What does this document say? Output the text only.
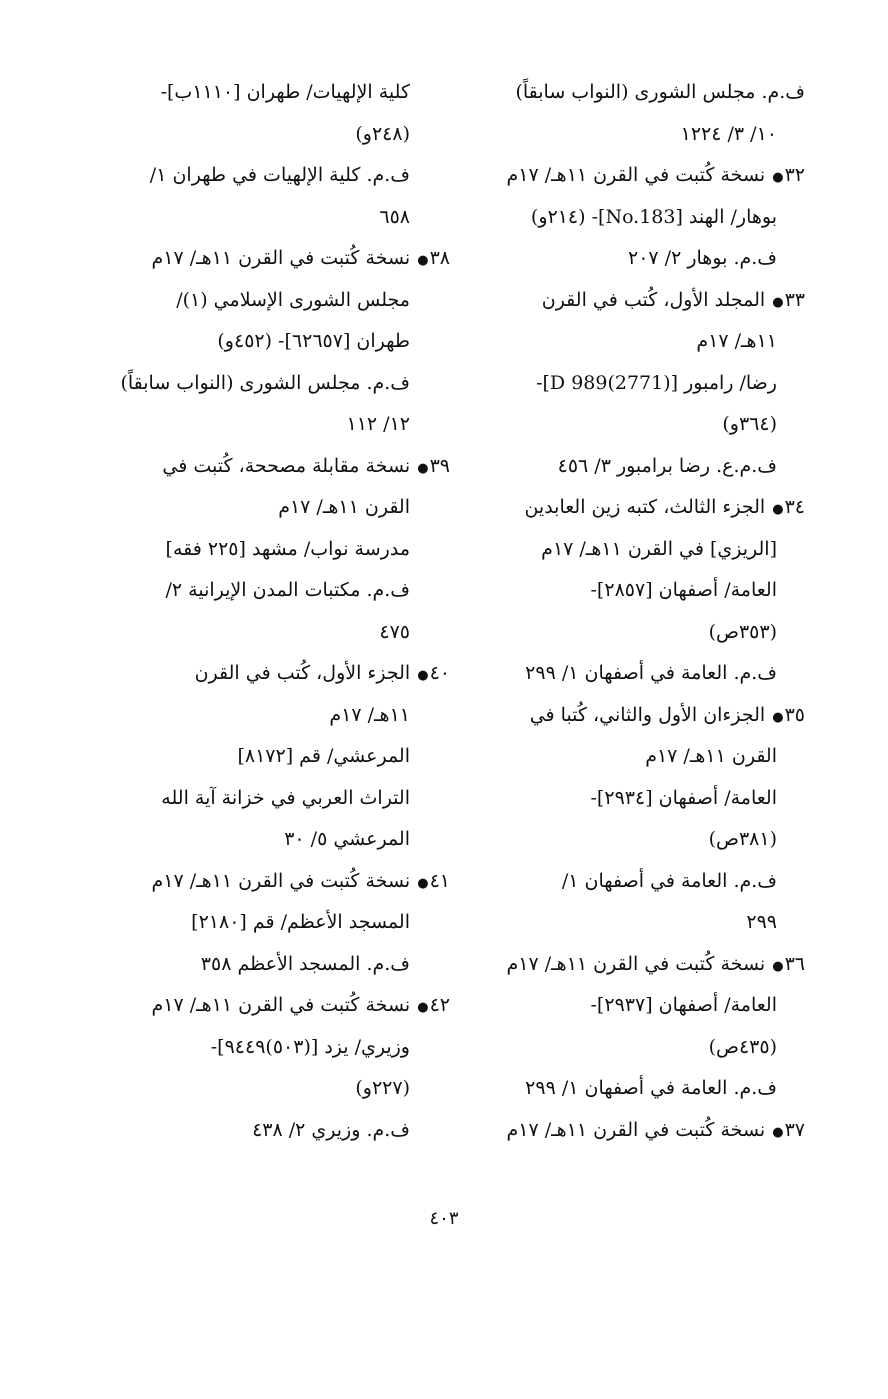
ف.م. مجلس الشورى (النواب سابقاً)
١٠/ ٣/ ١٢٢٤
٣٢● نسخة كُتبت في القرن ١١هـ/ ١٧م
بوهار/ الهند [No.183]- (٢١٤و)
ف.م. بوهار ٢/ ٢٠٧
٣٣● المجلد الأول، كُتب في القرن
١١هـ/ ١٧م
رضا/ رامبور [D 989(2771)]-
(٣٦٤و)
ف.م.ع. رضا برامبور ٣/ ٤٥٦
٣٤● الجزء الثالث، كتبه زين العابدين
[الريزي] في القرن ١١هـ/ ١٧م
العامة/ أصفهان [٢٨٥٧]-
(٣٥٣ص)
ف.م. العامة في أصفهان ١/ ٢٩٩
٣٥● الجزءان الأول والثاني، كُتبا في
القرن ١١هـ/ ١٧م
العامة/ أصفهان [٢٩٣٤]-
(٣٨١ص)
ف.م. العامة في أصفهان ١/
٢٩٩
٣٦● نسخة كُتبت في القرن ١١هـ/ ١٧م
العامة/ أصفهان [٢٩٣٧]-
(٤٣٥ص)
ف.م. العامة في أصفهان ١/ ٢٩٩
٣٧● نسخة كُتبت في القرن ١١هـ/ ١٧م
كلية الإلهيات/ طهران [١١١٠ب]-
(٢٤٨و)
ف.م. كلية الإلهيات في طهران ١/
٦٥٨
٣٨● نسخة كُتبت في القرن ١١هـ/ ١٧م
مجلس الشورى الإسلامي (١)/
طهران [٦٢٦٥٧]- (٤٥٢و)
ف.م. مجلس الشورى (النواب سابقاً)
١٢/ ١١٢
٣٩● نسخة مقابلة مصححة، كُتبت في
القرن ١١هـ/ ١٧م
مدرسة نواب/ مشهد [٢٢٥ فقه]
ف.م. مكتبات المدن الإيرانية ٢/
٤٧٥
٤٠● الجزء الأول، كُتب في القرن
١١هـ/ ١٧م
المرعشي/ قم [٨١٧٢]
التراث العربي في خزانة آية الله
المرعشي ٥/ ٣٠
٤١● نسخة كُتبت في القرن ١١هـ/ ١٧م
المسجد الأعظم/ قم [٢١٨٠]
ف.م. المسجد الأعظم ٣٥٨
٤٢● نسخة كُتبت في القرن ١١هـ/ ١٧م
وزيري/ يزد [(٥٠٣)٩٤٤٩]-
(٢٢٧و)
ف.م. وزيري ٢/ ٤٣٨
٤٠٣
